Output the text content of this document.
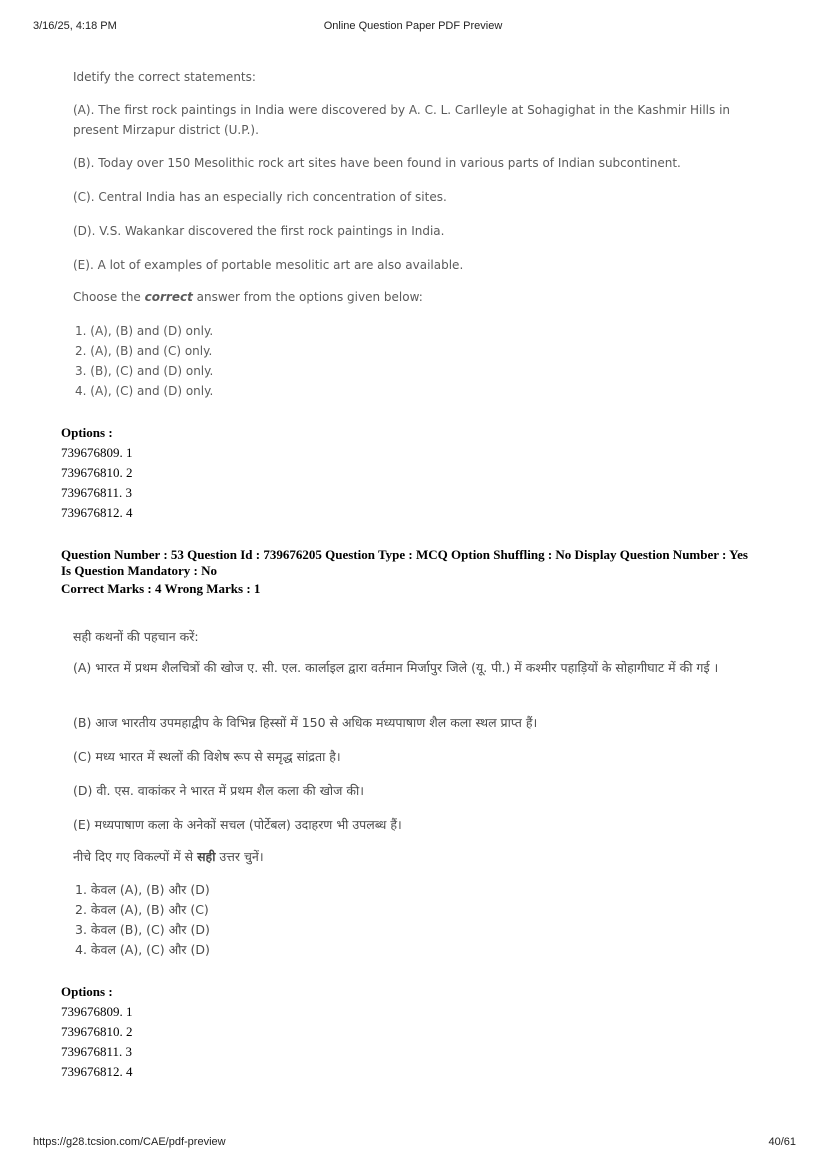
3/16/25, 4:18 PM	Online Question Paper PDF Preview
Idetify the correct statements:
(A). The first rock paintings in India were discovered by A. C. L. Carlleyle at Sohagighat in the Kashmir Hills in present Mirzapur district (U.P.).
(B). Today over 150 Mesolithic rock art sites have been found in various parts of Indian subcontinent.
(C). Central India has an especially rich concentration of sites.
(D). V.S. Wakankar discovered the first rock paintings in India.
(E). A lot of examples of portable mesolitic art are also available.
Choose the correct answer from the options given below:
1. (A), (B) and (D) only.
2. (A), (B) and (C) only.
3. (B), (C) and (D) only.
4. (A), (C) and (D) only.
Options :
739676809. 1
739676810. 2
739676811. 3
739676812. 4
Question Number : 53 Question Id : 739676205 Question Type : MCQ Option Shuffling : No Display Question Number : Yes
Is Question Mandatory : No
Correct Marks : 4 Wrong Marks : 1
सही कथनों की पहचान करें:
(A) भारत में प्रथम शैलचित्रों की खोज ए. सी. एल. कार्लाइल द्वारा वर्तमान मिर्जापुर जिले (यू. पी.) में कश्मीर पहाड़ियों के सोहागीघाट में की गई ।
(B) आज भारतीय उपमहाद्वीप के विभिन्न हिस्सों में 150 से अधिक मध्यपाषाण शैल कला स्थल प्राप्त हैं।
(C) मध्य भारत में स्थलों की विशेष रूप से समृद्ध सांद्रता है।
(D) वी. एस. वाकांकर ने भारत में प्रथम शैल कला की खोज की।
(E) मध्यपाषाण कला के अनेकों सचल (पोर्टेबल) उदाहरण भी उपलब्ध हैं।
नीचे दिए गए विकल्पों में से सही उत्तर चुनें।
1. केवल (A), (B) और (D)
2. केवल (A), (B) और (C)
3. केवल (B), (C) और (D)
4. केवल (A), (C) और (D)
Options :
739676809. 1
739676810. 2
739676811. 3
739676812. 4
https://g28.tcsion.com/CAE/pdf-preview	40/61
